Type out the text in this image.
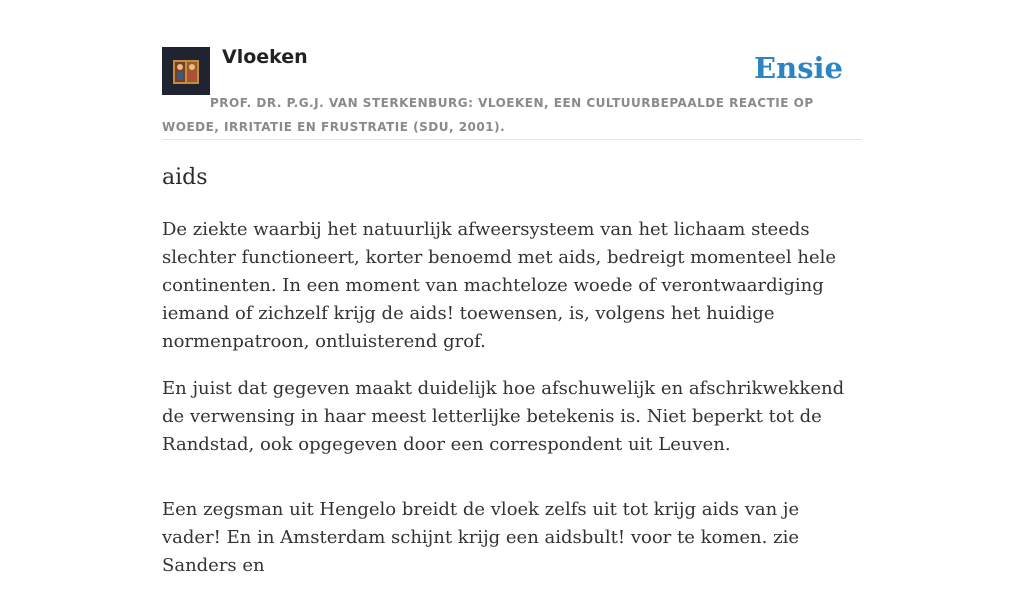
Vloeken	Ensie
PROF. DR. P.G.J. VAN STERKENBURG: VLOEKEN, EEN CULTUURBEPAALDE REACTIE OP WOEDE, IRRITATIE EN FRUSTRATIE (SDU, 2001).
aids

De ziekte waarbij het natuurlijk afweersysteem van het lichaam steeds slechter functioneert, korter benoemd met aids, bedreigt momenteel hele continenten. In een moment van machteloze woede of verontwaardiging iemand of zichzelf krijg de aids! toewensen, is, volgens het huidige normenpatroon, ontluisterend grof.

En juist dat gegeven maakt duidelijk hoe afschuwelijk en afschrikwekkend de verwensing in haar meest letterlijke betekenis is. Niet beperkt tot de Randstad, ook opgegeven door een correspondent uit Leuven.

Een zegsman uit Hengelo breidt de vloek zelfs uit tot krijg aids van je vader! En in Amsterdam schijnt krijg een aidsbult! voor te komen. zie Sanders en
